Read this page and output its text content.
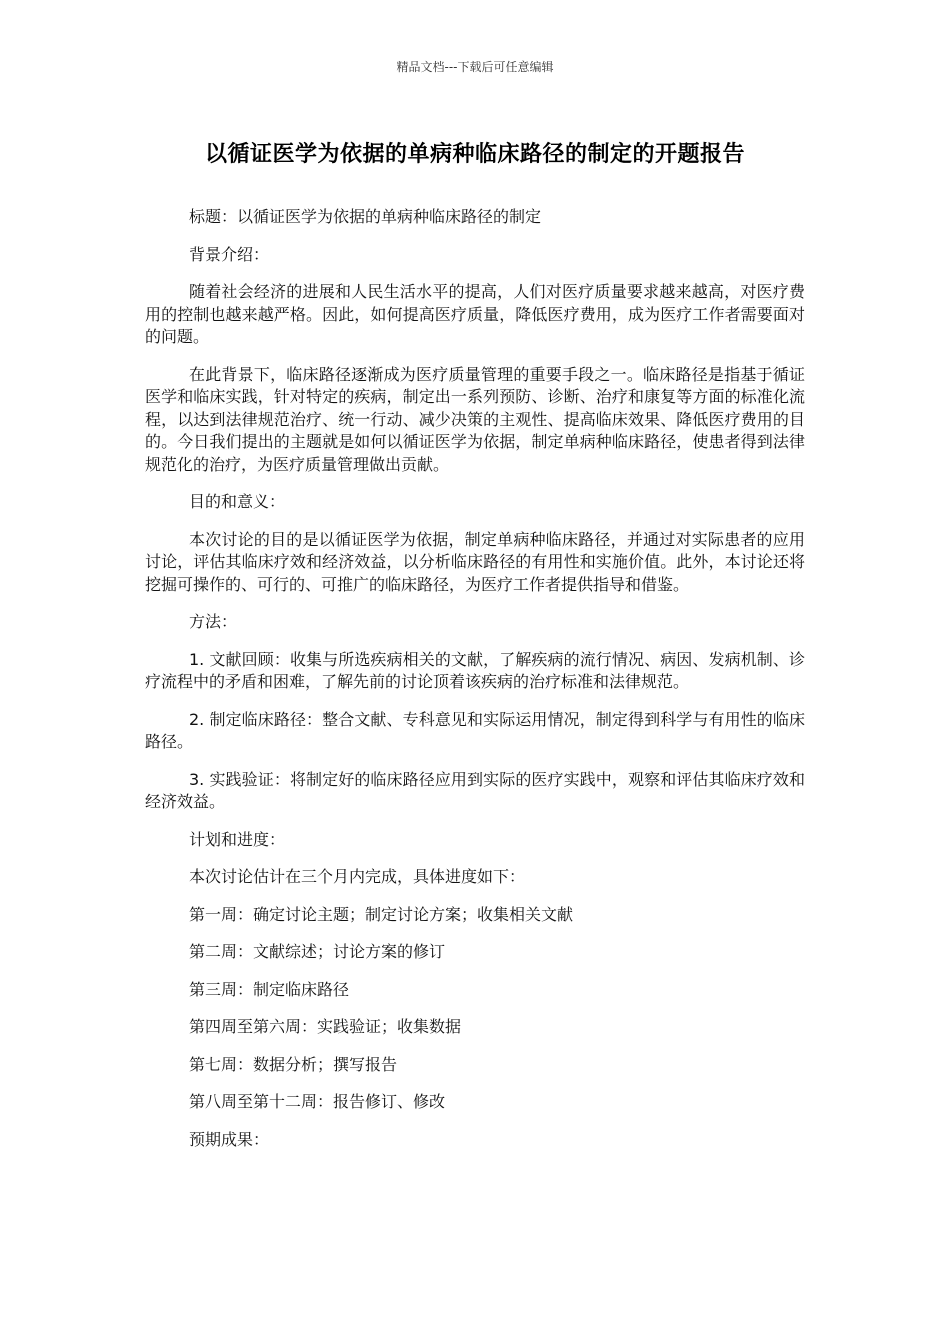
精品文档---下载后可任意编辑
以循证医学为依据的单病种临床路径的制定的开题报告

标题：以循证医学为依据的单病种临床路径的制定

背景介绍：

随着社会经济的进展和人民生活水平的提高，人们对医疗质量要求越来越高，对医疗费用的控制也越来越严格。因此，如何提高医疗质量，降低医疗费用，成为医疗工作者需要面对的问题。

在此背景下，临床路径逐渐成为医疗质量管理的重要手段之一。临床路径是指基于循证医学和临床实践，针对特定的疾病，制定出一系列预防、诊断、治疗和康复等方面的标准化流程，以达到法律规范治疗、统一行动、减少决策的主观性、提高临床效果、降低医疗费用的目的。今日我们提出的主题就是如何以循证医学为依据，制定单病种临床路径，使患者得到法律规范化的治疗，为医疗质量管理做出贡献。

目的和意义：

本次讨论的目的是以循证医学为依据，制定单病种临床路径，并通过对实际患者的应用讨论，评估其临床疗效和经济效益，以分析临床路径的有用性和实施价值。此外，本讨论还将挖掘可操作的、可行的、可推广的临床路径，为医疗工作者提供指导和借鉴。

方法：

1. 文献回顾：收集与所选疾病相关的文献，了解疾病的流行情况、病因、发病机制、诊疗流程中的矛盾和困难，了解先前的讨论顶着该疾病的治疗标准和法律规范。

2. 制定临床路径：整合文献、专科意见和实际运用情况，制定得到科学与有用性的临床路径。

3. 实践验证：将制定好的临床路径应用到实际的医疗实践中，观察和评估其临床疗效和经济效益。

计划和进度：

本次讨论估计在三个月内完成，具体进度如下：

第一周：确定讨论主题；制定讨论方案；收集相关文献

第二周：文献综述；讨论方案的修订

第三周：制定临床路径

第四周至第六周：实践验证；收集数据

第七周：数据分析；撰写报告

第八周至第十二周：报告修订、修改

预期成果：
